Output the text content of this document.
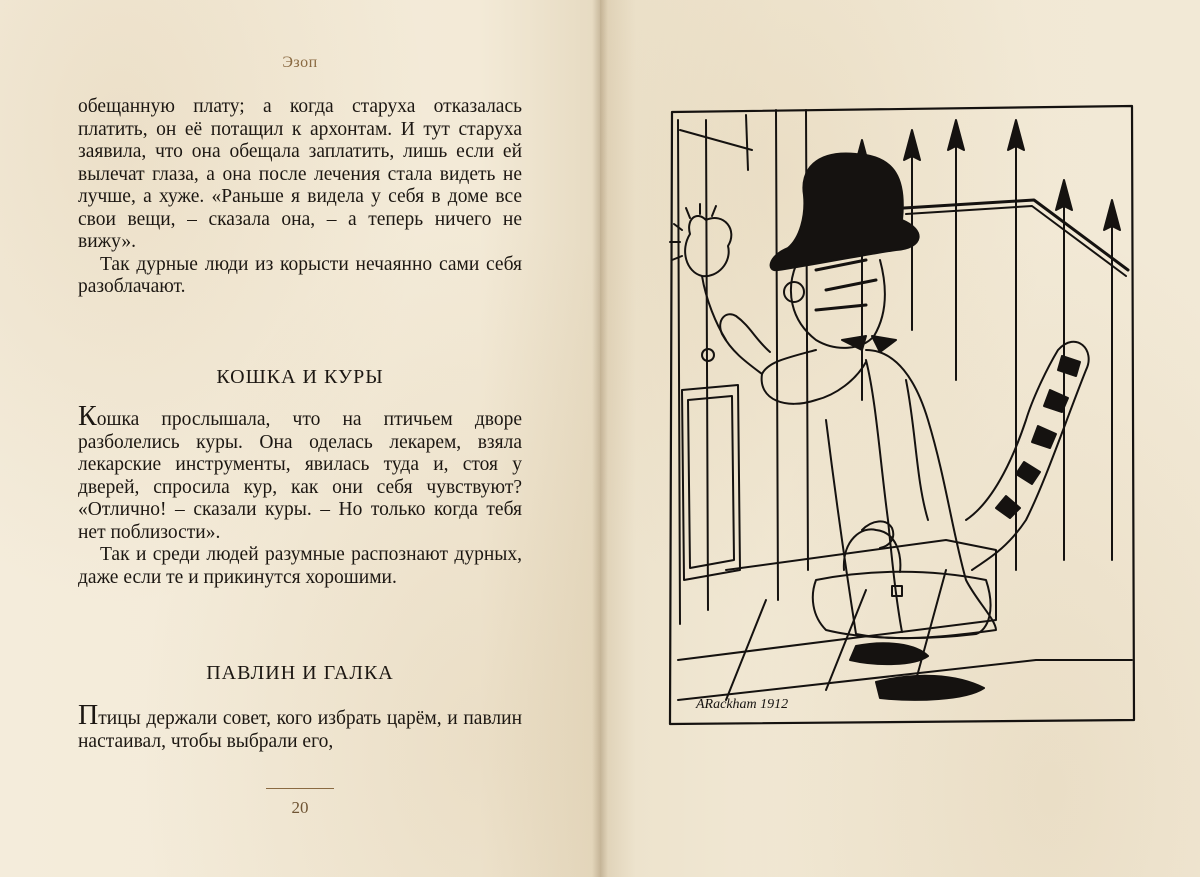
Эзоп

обещанную плату; а когда старуха отказалась платить, он её потащил к архонтам. И тут старуха заявила, что она обещала заплатить, лишь если ей вылечат глаза, а она после лечения стала видеть не лучше, а хуже. «Раньше я видела у себя в доме все свои вещи, – сказала она, – а теперь ничего не вижу».

Так дурные люди из корысти нечаянно сами себя разоблачают.

КОШКА И КУРЫ

Кошка прослышала, что на птичьем дворе разболелись куры. Она оделась лекарем, взяла лекарские инструменты, явилась туда и, стоя у дверей, спросила кур, как они себя чувствуют? «Отлично! – сказали куры. – Но только когда тебя нет поблизости».

Так и среди людей разумные распознают дурных, даже если те и прикинутся хорошими.

ПАВЛИН И ГАЛКА

Птицы держали совет, кого избрать царём, и павлин настаивал, чтобы выбрали его,

20
ARackham 1912
